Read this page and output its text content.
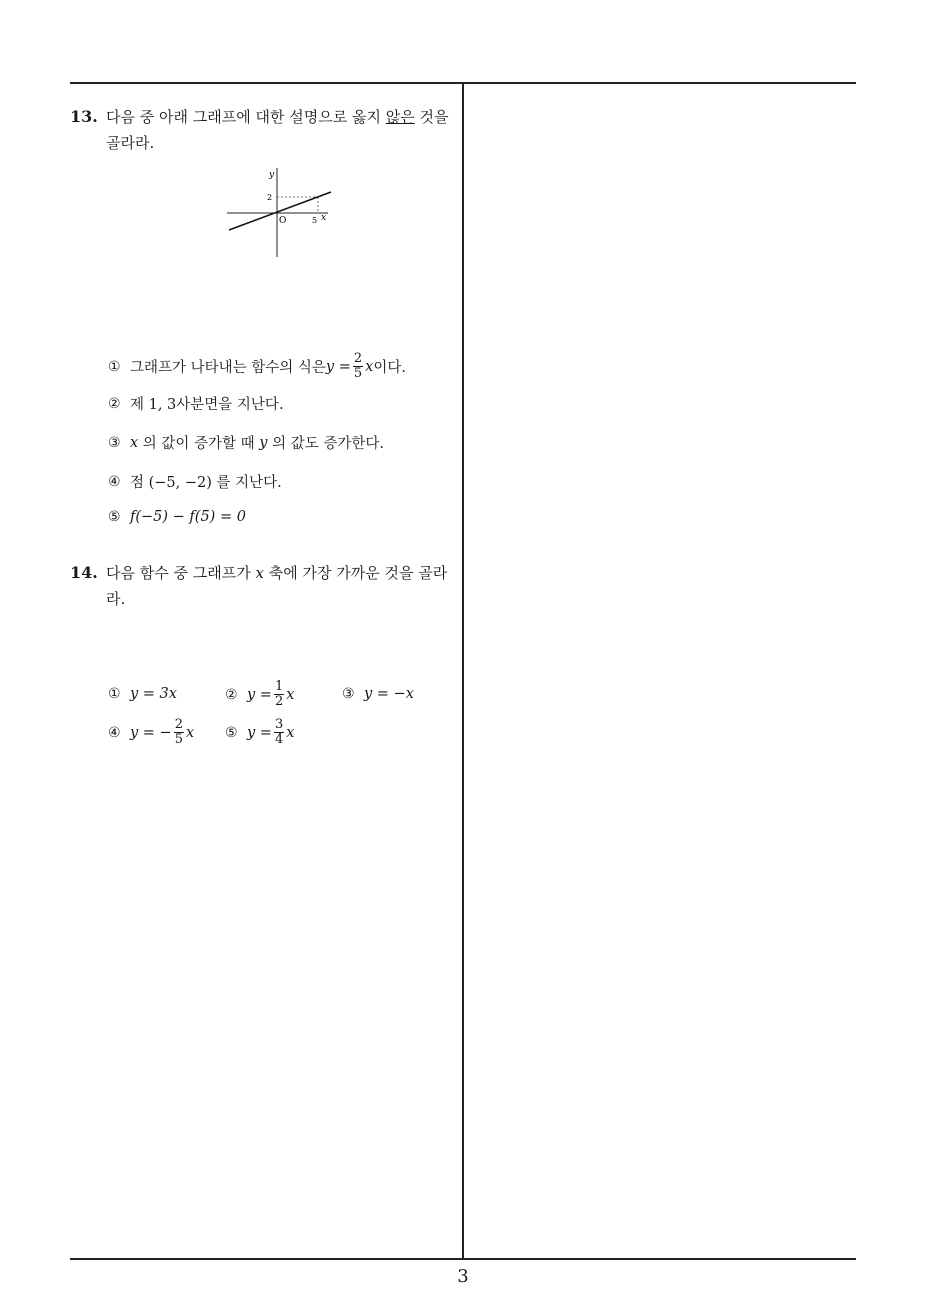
13. 다음 중 아래 그래프에 대한 설명으로 옳지 않은 것을 골라라.
y
x
O
2
5
① 그래프가 나타내는 함수의 식은 $y = \frac{2}{5}$ x 이다.
② 제 1, 3사분면을 지난다.
③ x 의 값이 증가할 때 y 의 값도 증가한다.
④ 점 (−5, −2) 를 지난다.
⑤ f(−5) − f(5) = 0
14. 다음 함수 중 그래프가 x 축에 가장 가까운 것을 골라라.
① y = 3x	② $y = \frac{1}{2}$ x	③ y = −x
④ y = − $\frac{2}{5}$ x ⑤ $y = \frac{3}{4}$ x
3
